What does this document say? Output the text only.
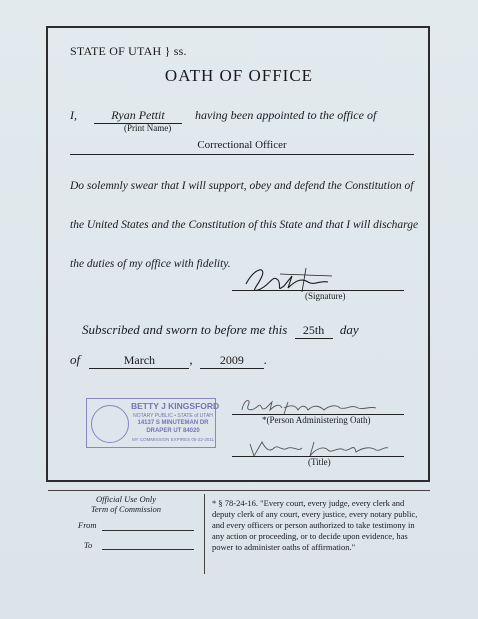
STATE OF UTAH } ss.
OATH OF OFFICE
I,	Ryan Pettit	having been appointed to the office of
(Print Name)
Correctional Officer
Do solemnly swear that I will support, obey and defend the Constitution of
the United States and the Constitution of this State and that I will discharge
the duties of my office with fidelity.
(Signature)
Subscribed and sworn to before me this 25th day
of	March	, 2009 .
BETTY J KINGSFORD
NOTARY PUBLIC • STATE of UTAH
14137 S MINUTEMAN DR
DRAPER UT 84020
MY COMMISSION EXPIRES 05-22-2011
*(Person Administering Oath)
(Title)
Official Use Only
Term of Commission
From
To
* § 78-24-16. "Every court, every judge, every clerk and deputy clerk of any court, every justice, every notary public, and every officers or person authorized to take testimony in any action or proceeding, or to decide upon evidence, has power to administer oaths of affirmation."
